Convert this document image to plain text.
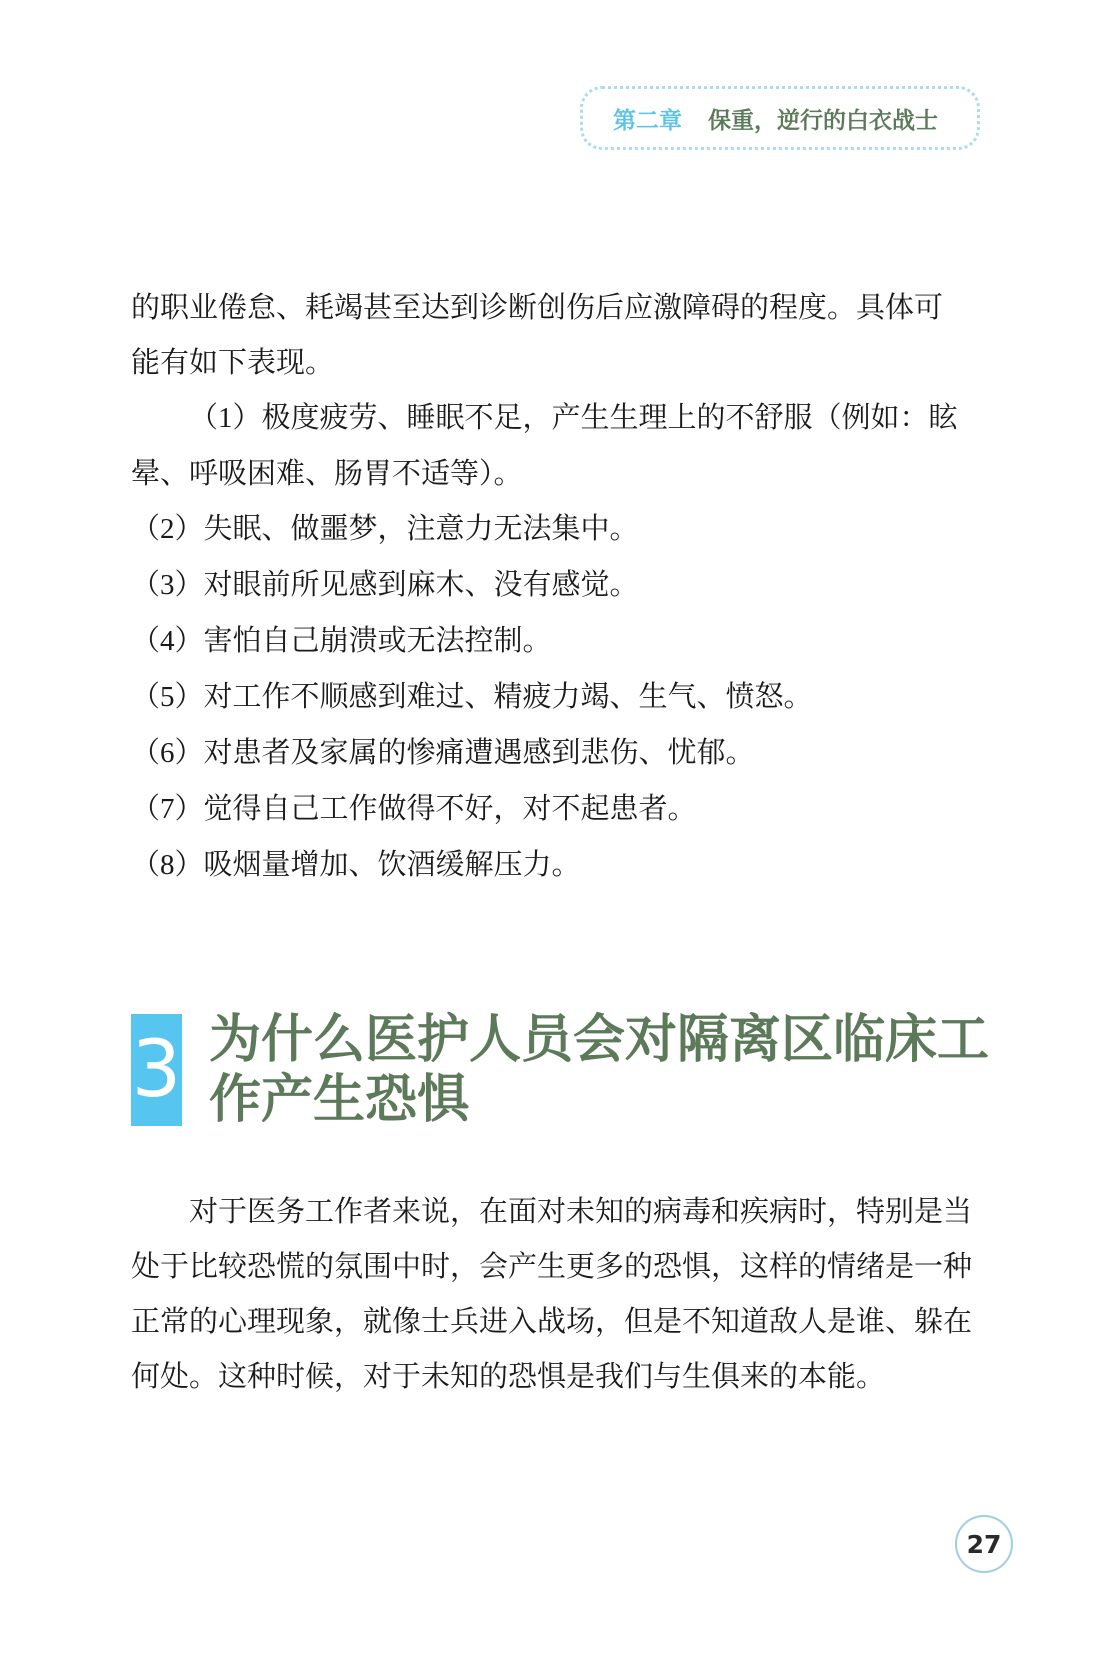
第二章 保重，逆行的白衣战士
的职业倦怠、耗竭甚至达到诊断创伤后应激障碍的程度。具体可
能有如下表现。
（1）极度疲劳、睡眠不足，产生生理上的不舒服（例如：眩
晕、呼吸困难、肠胃不适等）。
（2）失眠、做噩梦，注意力无法集中。
（3）对眼前所见感到麻木、没有感觉。
（4）害怕自己崩溃或无法控制。
（5）对工作不顺感到难过、精疲力竭、生气、愤怒。
（6）对患者及家属的惨痛遭遇感到悲伤、忧郁。
（7）觉得自己工作做得不好，对不起患者。
（8）吸烟量增加、饮酒缓解压力。
3 为什么医护人员会对隔离区临床工
作产生恐惧

对于医务工作者来说，在面对未知的病毒和疾病时，特别是当处于比较恐慌的氛围中时，会产生更多的恐惧，这样的情绪是一种正常的心理现象，就像士兵进入战场，但是不知道敌人是谁、躲在何处。这种时候，对于未知的恐惧是我们与生俱来的本能。

27
